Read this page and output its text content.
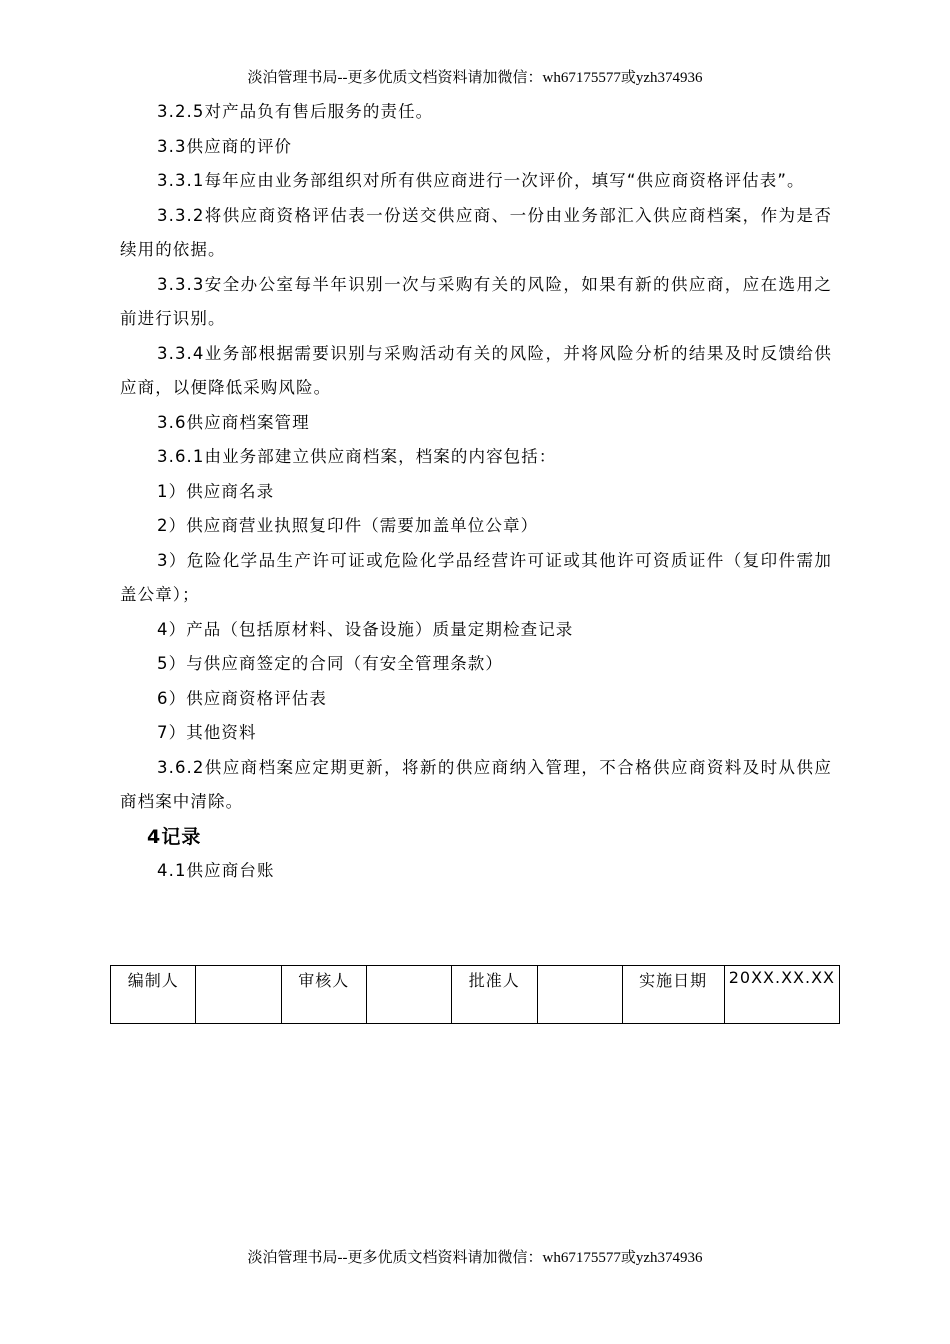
淡泊管理书局--更多优质文档资料请加微信：wh67175577或yzh374936

3.2.5对产品负有售后服务的责任。

3.3供应商的评价

3.3.1每年应由业务部组织对所有供应商进行一次评价，填写“供应商资格评估表”。

3.3.2将供应商资格评估表一份送交供应商、一份由业务部汇入供应商档案，作为是否续用的依据。

3.3.3安全办公室每半年识别一次与采购有关的风险，如果有新的供应商，应在选用之前进行识别。

3.3.4业务部根据需要识别与采购活动有关的风险，并将风险分析的结果及时反馈给供应商，以便降低采购风险。

3.6供应商档案管理

3.6.1由业务部建立供应商档案，档案的内容包括：

1）供应商名录

2）供应商营业执照复印件（需要加盖单位公章）

3）危险化学品生产许可证或危险化学品经营许可证或其他许可资质证件（复印件需加盖公章）；

4）产品（包括原材料、设备设施）质量定期检查记录

5）与供应商签定的合同（有安全管理条款）

6）供应商资格评估表

7）其他资料

3.6.2供应商档案应定期更新，将新的供应商纳入管理，不合格供应商资料及时从供应商档案中清除。

4记录

4.1供应商台账

编制人		审核人		批准人		实施日期	20XX.XX.XX
淡泊管理书局--更多优质文档资料请加微信：wh67175577或yzh374936
